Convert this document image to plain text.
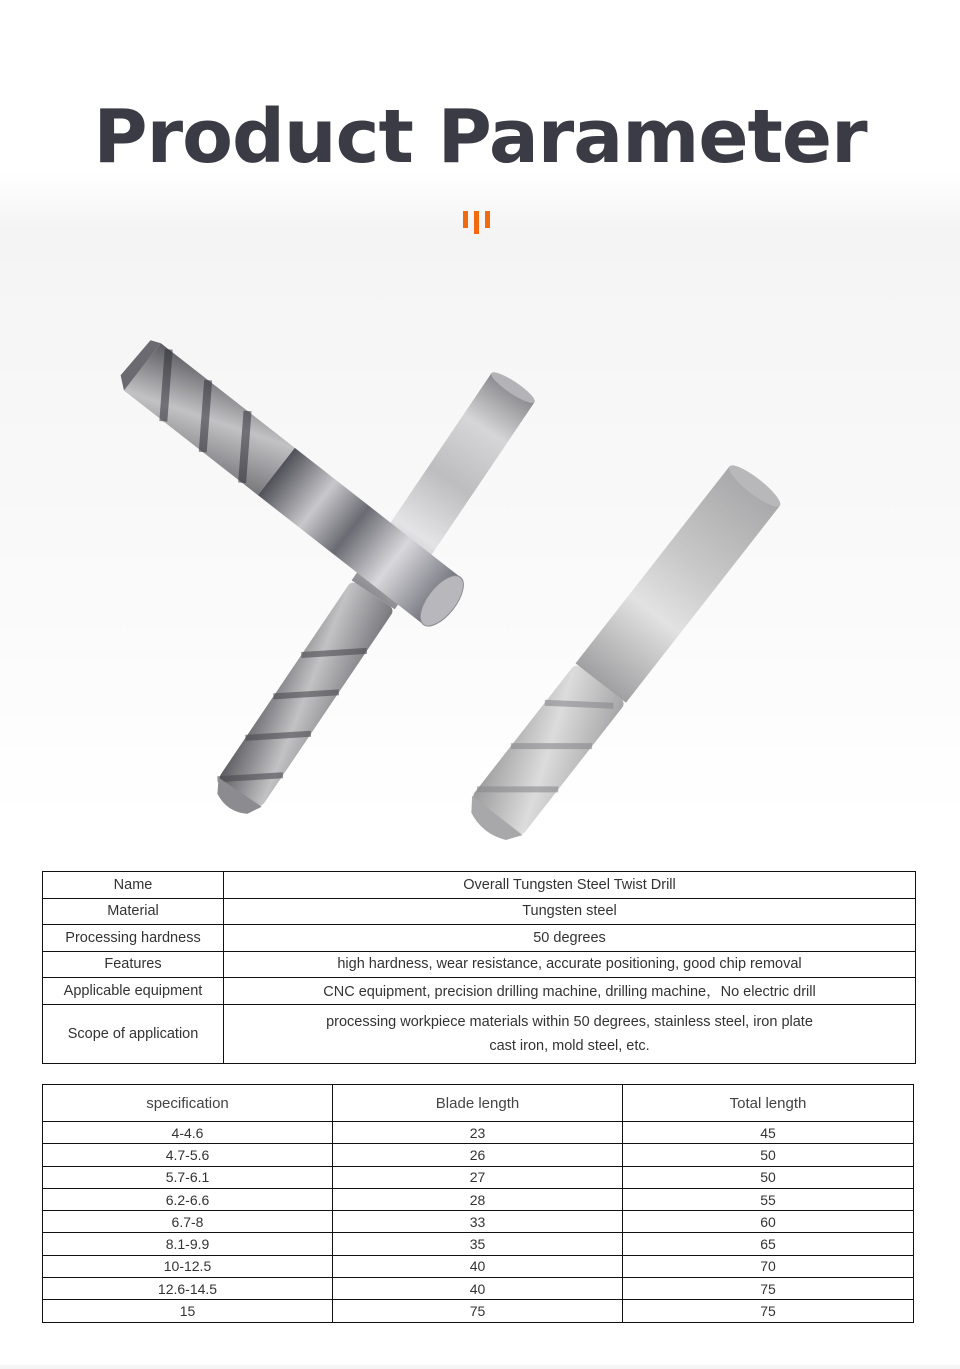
Product Parameter
Name	Overall Tungsten Steel Twist Drill
Material	Tungsten steel
Processing hardness	50 degrees
Features	high hardness, wear resistance, accurate positioning, good chip removal
Applicable equipment	CNC equipment, precision drilling machine, drilling machine，No electric drill
Scope of application	processing workpiece materials within 50 degrees, stainless steel, iron plate
cast iron, mold steel, etc.
specification	Blade length	Total length
4-4.6	23	45
4.7-5.6	26	50
5.7-6.1	27	50
6.2-6.6	28	55
6.7-8	33	60
8.1-9.9	35	65
10-12.5	40	70
12.6-14.5	40	75
15	75	75
